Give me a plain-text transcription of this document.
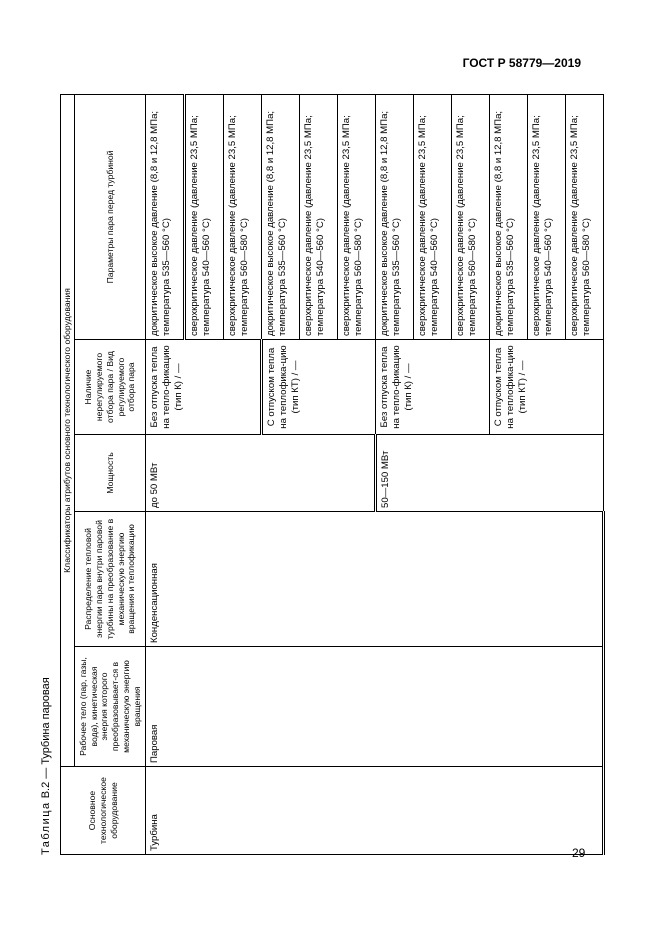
ГОСТ Р 58779—2019
Таблица В.2 — Турбина паровая
Основное технологическое оборудование	Классификаторы атрибутов основного технологического оборудования				
	Рабочее тело (пар, газы, вода), кинетическая энергия которого преобразовывает-ся в механическую энергию вращения	Распределение тепловой энергии пара внутри паровой турбины на преобразование в механическую энергию вращения и теплофикацию	Мощность	Наличие нерегулируемого отбора пара / Вид регулируемого отбора пара	Параметры пара перед турбиной
Турбина	Паровая	Конденсационная	до 50 МВт	Без отпуска тепла на тепло-фикацию (тип К) / —	докритическое высокое давление (8,8 и 12,8 МПа; температура 535—560 °С)
					сверхкритическое давление (давление 23,5 МПа; температура 540—560 °С)
					сверхкритическое давление (давление 23,5 МПа; температура 560—580 °С)

				С отпуском тепла на теплофика-цию (тип КТ) / —	докритическое высокое давление (8,8 и 12,8 МПа; температура 535—560 °С)
					сверхкритическое давление (давление 23,5 МПа; температура 540—560 °С)
					сверхкритическое давление (давление 23,5 МПа; температура 560—580 °С)
			50—150 МВт	Без отпуска тепла на тепло-фикацию (тип К) / —	докритическое высокое давление (8,8 и 12,8 МПа; температура 535—560 °С)
					сверхкритическое давление (давление 23,5 МПа; температура 540—560 °С)
					сверхкритическое давление (давление 23,5 МПа; температура 560—580 °С)

				С отпуском тепла на теплофика-цию (тип КТ) / —	докритическое высокое давление (8,8 и 12,8 МПа; температура 535—560 °С)
					сверхкритическое давление (давление 23,5 МПа; температура 540—560 °С)
					сверхкритическое давление (давление 23,5 МПа; температура 560—580 °С)
29
